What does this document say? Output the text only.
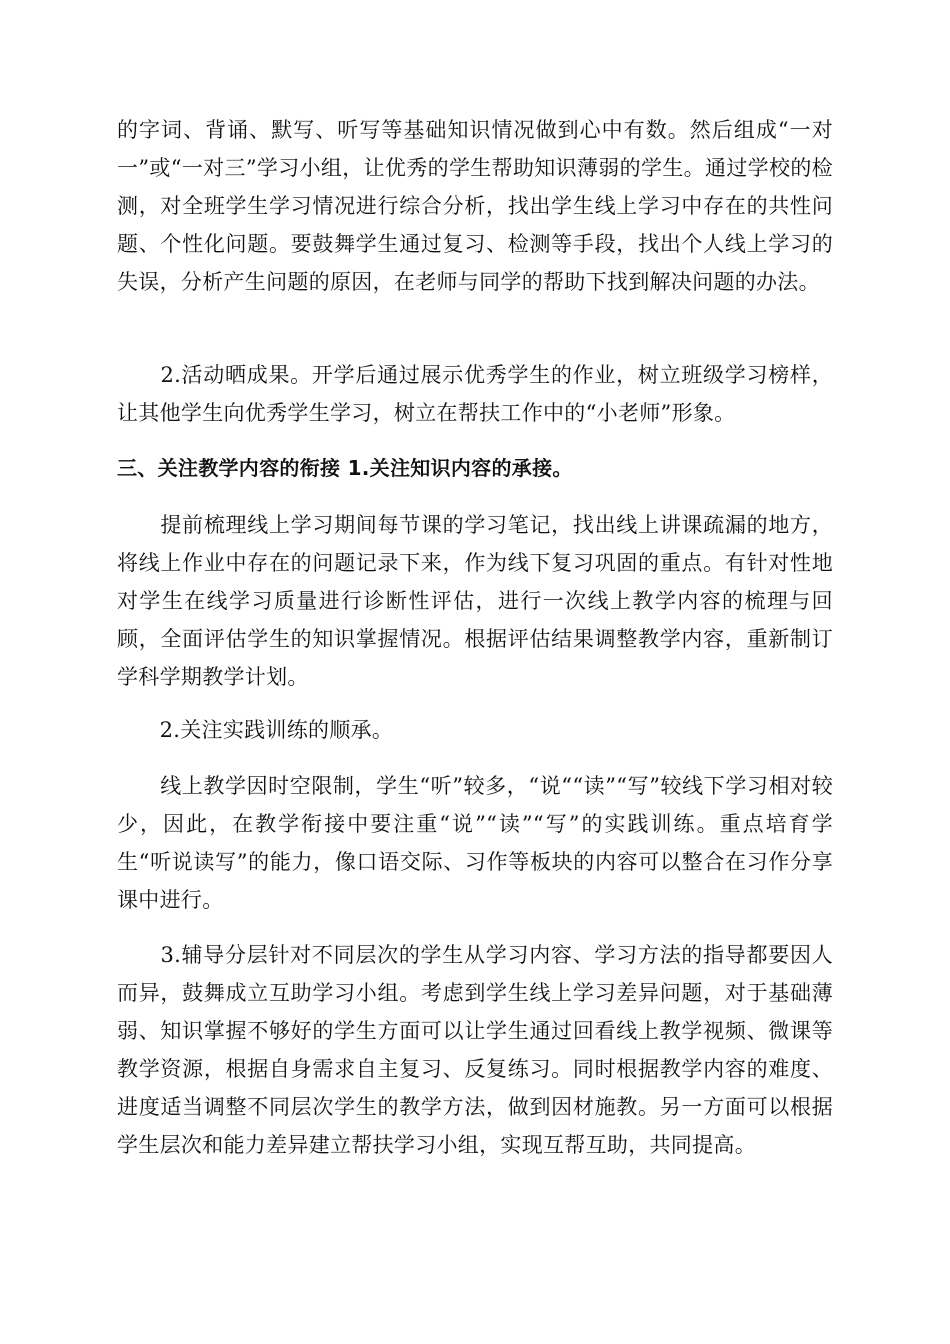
的字词、背诵、默写、听写等基础知识情况做到心中有数。然后组成“一对一”或“一对三”学习小组，让优秀的学生帮助知识薄弱的学生。通过学校的检测，对全班学生学习情况进行综合分析，找出学生线上学习中存在的共性问题、个性化问题。要鼓舞学生通过复习、检测等手段，找出个人线上学习的失误，分析产生问题的原因，在老师与同学的帮助下找到解决问题的办法。

　　2.活动晒成果。开学后通过展示优秀学生的作业，树立班级学习榜样，让其他学生向优秀学生学习，树立在帮扶工作中的“小老师”形象。

三、关注教学内容的衔接 1.关注知识内容的承接。

　　提前梳理线上学习期间每节课的学习笔记，找出线上讲课疏漏的地方，将线上作业中存在的问题记录下来，作为线下复习巩固的重点。有针对性地对学生在线学习质量进行诊断性评估，进行一次线上教学内容的梳理与回顾，全面评估学生的知识掌握情况。根据评估结果调整教学内容，重新制订学科学期教学计划。

　　2.关注实践训练的顺承。

　　线上教学因时空限制，学生“听”较多，“说““读”“写”较线下学习相对较少，因此，在教学衔接中要注重“说”“读”“写”的实践训练。重点培育学生“听说读写”的能力，像口语交际、习作等板块的内容可以整合在习作分享课中进行。

　　3.辅导分层针对不同层次的学生从学习内容、学习方法的指导都要因人而异，鼓舞成立互助学习小组。考虑到学生线上学习差异问题，对于基础薄弱、知识掌握不够好的学生方面可以让学生通过回看线上教学视频、微课等教学资源，根据自身需求自主复习、反复练习。同时根据教学内容的难度、进度适当调整不同层次学生的教学方法，做到因材施教。另一方面可以根据学生层次和能力差异建立帮扶学习小组，实现互帮互助，共同提高。
